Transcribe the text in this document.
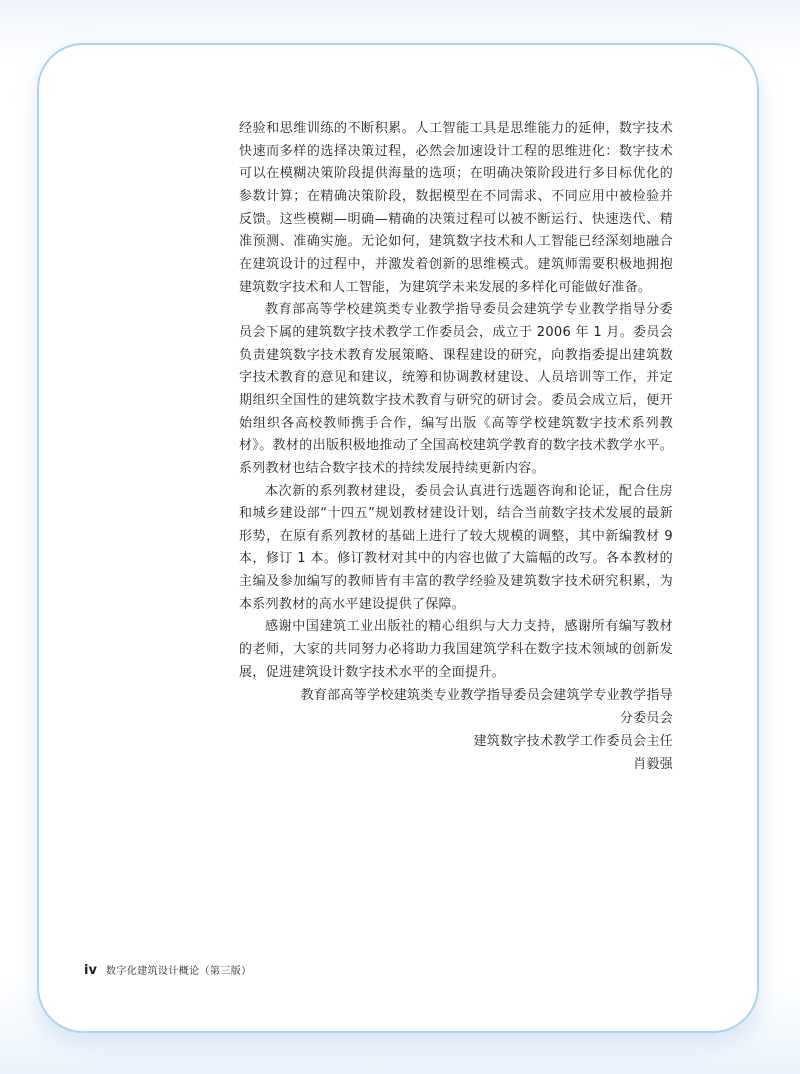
经验和思维训练的不断积累。人工智能工具是思维能力的延伸，数字技术快速而多样的选择决策过程，必然会加速设计工程的思维进化：数字技术可以在模糊决策阶段提供海量的选项；在明确决策阶段进行多目标优化的参数计算；在精确决策阶段，数据模型在不同需求、不同应用中被检验并反馈。这些模糊—明确—精确的决策过程可以被不断运行、快速迭代、精准预测、准确实施。无论如何，建筑数字技术和人工智能已经深刻地融合在建筑设计的过程中，并激发着创新的思维模式。建筑师需要积极地拥抱建筑数字技术和人工智能，为建筑学未来发展的多样化可能做好准备。

教育部高等学校建筑类专业教学指导委员会建筑学专业教学指导分委员会下属的建筑数字技术教学工作委员会，成立于 2006 年 1 月。委员会负责建筑数字技术教育发展策略、课程建设的研究，向教指委提出建筑数字技术教育的意见和建议，统筹和协调教材建设、人员培训等工作，并定期组织全国性的建筑数字技术教育与研究的研讨会。委员会成立后，便开始组织各高校教师携手合作，编写出版《高等学校建筑数字技术系列教材》。教材的出版积极地推动了全国高校建筑学教育的数字技术教学水平。系列教材也结合数字技术的持续发展持续更新内容。

本次新的系列教材建设，委员会认真进行选题咨询和论证，配合住房和城乡建设部“十四五”规划教材建设计划，结合当前数字技术发展的最新形势，在原有系列教材的基础上进行了较大规模的调整，其中新编教材 9 本，修订 1 本。修订教材对其中的内容也做了大篇幅的改写。各本教材的主编及参加编写的教师皆有丰富的教学经验及建筑数字技术研究积累，为本系列教材的高水平建设提供了保障。

感谢中国建筑工业出版社的精心组织与大力支持，感谢所有编写教材的老师，大家的共同努力必将助力我国建筑学科在数字技术领域的创新发展，促进建筑设计数字技术水平的全面提升。

教育部高等学校建筑类专业教学指导委员会建筑学专业教学指导
分委员会
建筑数字技术教学工作委员会主任
肖毅强
iv 数字化建筑设计概论（第三版）
